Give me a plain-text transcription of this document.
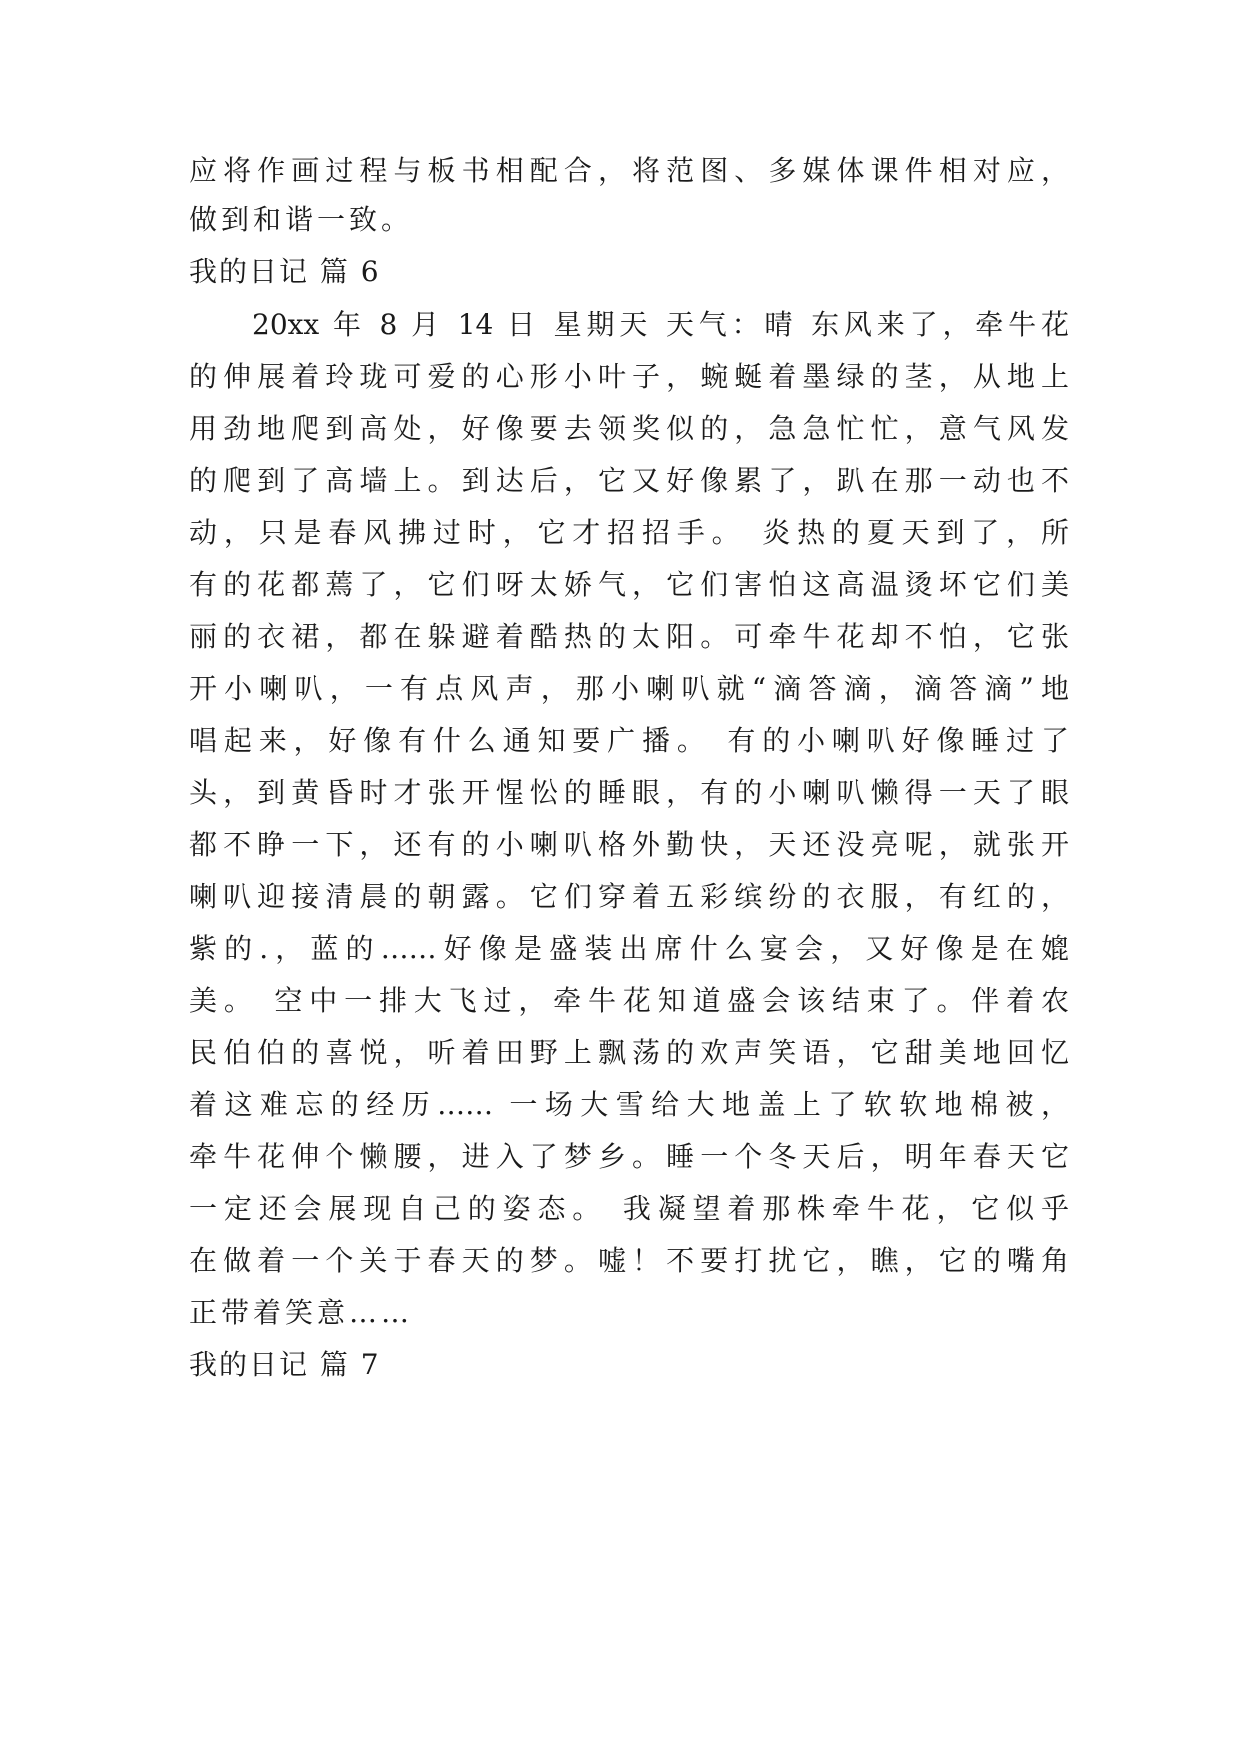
应将作画过程与板书相配合，将范图、多媒体课件相对应，
做到和谐一致。
我的日记 篇 6
20xx 年 8 月 14 日 星期天 天气：晴 东风来了，牵牛花
的伸展着玲珑可爱的心形小叶子，蜿蜒着墨绿的茎，从地上
用劲地爬到高处，好像要去领奖似的，急急忙忙，意气风发
的爬到了高墙上。到达后，它又好像累了，趴在那一动也不
动，只是春风拂过时，它才招招手。 炎热的夏天到了，所
有的花都蔫了，它们呀太娇气，它们害怕这高温烫坏它们美
丽的衣裙，都在躲避着酷热的太阳。可牵牛花却不怕，它张
开小喇叭，一有点风声，那小喇叭就“滴答滴，滴答滴”地
唱起来，好像有什么通知要广播。 有的小喇叭好像睡过了
头，到黄昏时才张开惺忪的睡眼，有的小喇叭懒得一天了眼
都不睁一下，还有的小喇叭格外勤快，天还没亮呢，就张开
喇叭迎接清晨的朝露。它们穿着五彩缤纷的衣服，有红的，
紫的.，蓝的……好像是盛装出席什么宴会，又好像是在媲
美。 空中一排大飞过，牵牛花知道盛会该结束了。伴着农
民伯伯的喜悦，听着田野上飘荡的欢声笑语，它甜美地回忆
着这难忘的经历…… 一场大雪给大地盖上了软软地棉被，
牵牛花伸个懒腰，进入了梦乡。睡一个冬天后，明年春天它
一定还会展现自己的姿态。 我凝望着那株牵牛花，它似乎
在做着一个关于春天的梦。嘘！不要打扰它，瞧，它的嘴角
正带着笑意……
我的日记 篇 7
